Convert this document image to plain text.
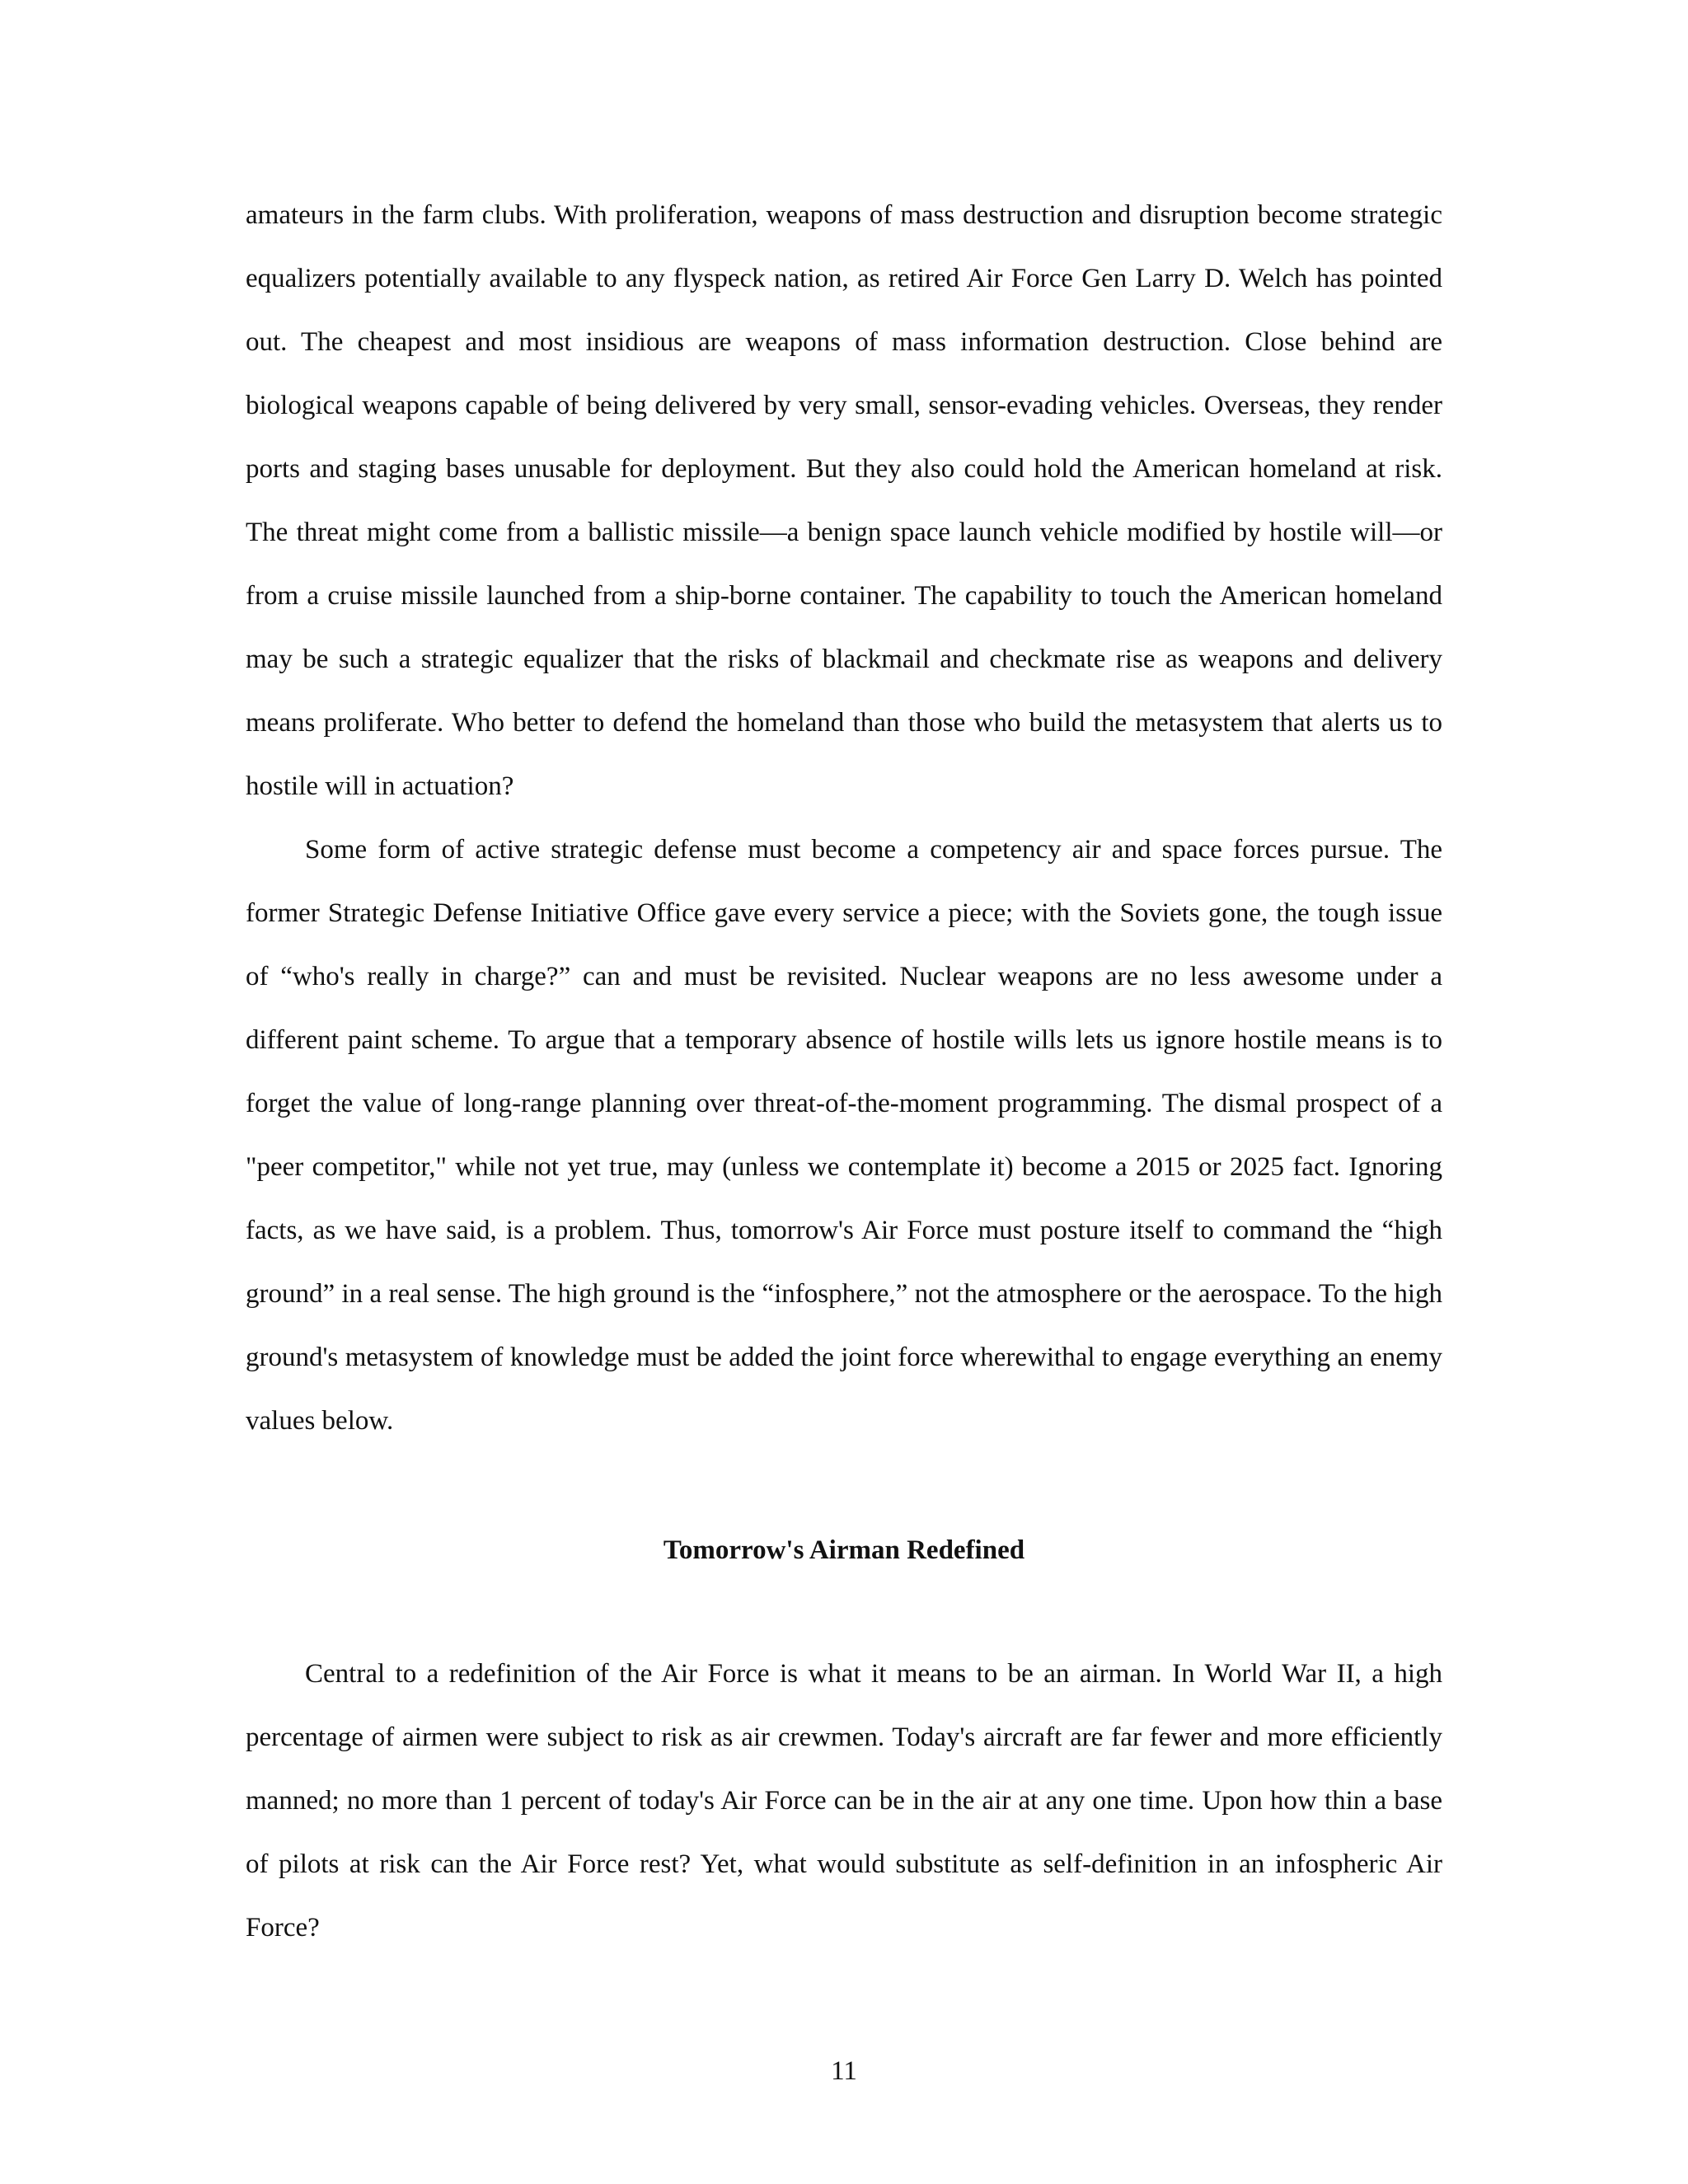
amateurs in the farm clubs. With proliferation, weapons of mass destruction and disruption become strategic equalizers potentially available to any flyspeck nation, as retired Air Force Gen Larry D. Welch has pointed out. The cheapest and most insidious are weapons of mass information destruction. Close behind are biological weapons capable of being delivered by very small, sensor-evading vehicles. Overseas, they render ports and staging bases unusable for deployment. But they also could hold the American homeland at risk. The threat might come from a ballistic missile—a benign space launch vehicle modified by hostile will—or from a cruise missile launched from a ship-borne container. The capability to touch the American homeland may be such a strategic equalizer that the risks of blackmail and checkmate rise as weapons and delivery means proliferate. Who better to defend the homeland than those who build the metasystem that alerts us to hostile will in actuation?

Some form of active strategic defense must become a competency air and space forces pursue. The former Strategic Defense Initiative Office gave every service a piece; with the Soviets gone, the tough issue of “who's really in charge?” can and must be revisited. Nuclear weapons are no less awesome under a different paint scheme. To argue that a temporary absence of hostile wills lets us ignore hostile means is to forget the value of long-range planning over threat-of-the-moment programming. The dismal prospect of a "peer competitor," while not yet true, may (unless we contemplate it) become a 2015 or 2025 fact. Ignoring facts, as we have said, is a problem. Thus, tomorrow's Air Force must posture itself to command the “high ground” in a real sense. The high ground is the “infosphere,” not the atmosphere or the aerospace. To the high ground's metasystem of knowledge must be added the joint force wherewithal to engage everything an enemy values below.

Tomorrow's Airman Redefined

Central to a redefinition of the Air Force is what it means to be an airman. In World War II, a high percentage of airmen were subject to risk as air crewmen. Today's aircraft are far fewer and more efficiently manned; no more than 1 percent of today's Air Force can be in the air at any one time. Upon how thin a base of pilots at risk can the Air Force rest? Yet, what would substitute as self-definition in an infospheric Air Force?

11
